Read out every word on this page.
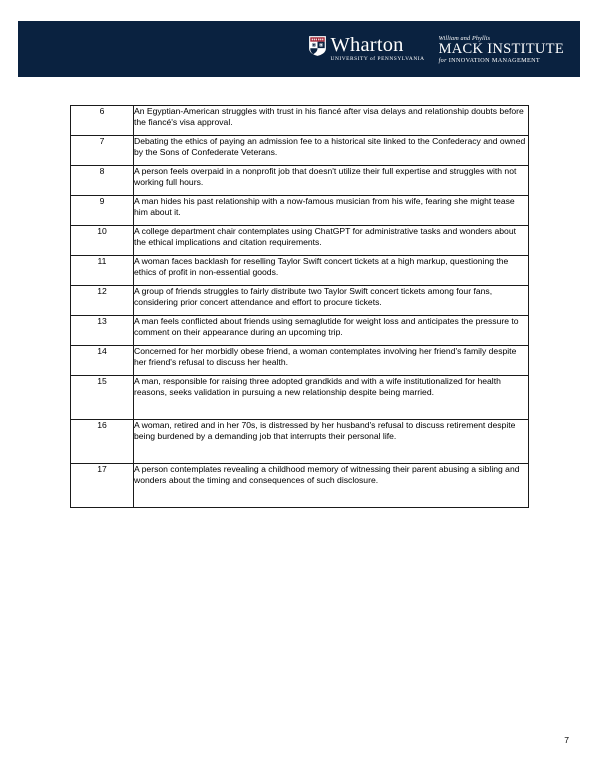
Wharton
UNIVERSITY of PENNSYLVANIA
William and Phyllis
MACK INSTITUTE
for INNOVATION MANAGEMENT
6	An Egyptian-American struggles with trust in his fiancé after visa delays and relationship doubts before the fiancé's visa approval.
7	Debating the ethics of paying an admission fee to a historical site linked to the Confederacy and owned by the Sons of Confederate Veterans.
8	A person feels overpaid in a nonprofit job that doesn't utilize their full expertise and struggles with not working full hours.
9	A man hides his past relationship with a now-famous musician from his wife, fearing she might tease him about it.
10	A college department chair contemplates using ChatGPT for administrative tasks and wonders about the ethical implications and citation requirements.
11	A woman faces backlash for reselling Taylor Swift concert tickets at a high markup, questioning the ethics of profit in non-essential goods.
12	A group of friends struggles to fairly distribute two Taylor Swift concert tickets among four fans, considering prior concert attendance and effort to procure tickets.
13	A man feels conflicted about friends using semaglutide for weight loss and anticipates the pressure to comment on their appearance during an upcoming trip.
14	Concerned for her morbidly obese friend, a woman contemplates involving her friend's family despite her friend's refusal to discuss her health.
15	A man, responsible for raising three adopted grandkids and with a wife institutionalized for health reasons, seeks validation in pursuing a new relationship despite being married.
16	A woman, retired and in her 70s, is distressed by her husband's refusal to discuss retirement despite being burdened by a demanding job that interrupts their personal life.
17	A person contemplates revealing a childhood memory of witnessing their parent abusing a sibling and wonders about the timing and consequences of such disclosure.
7
